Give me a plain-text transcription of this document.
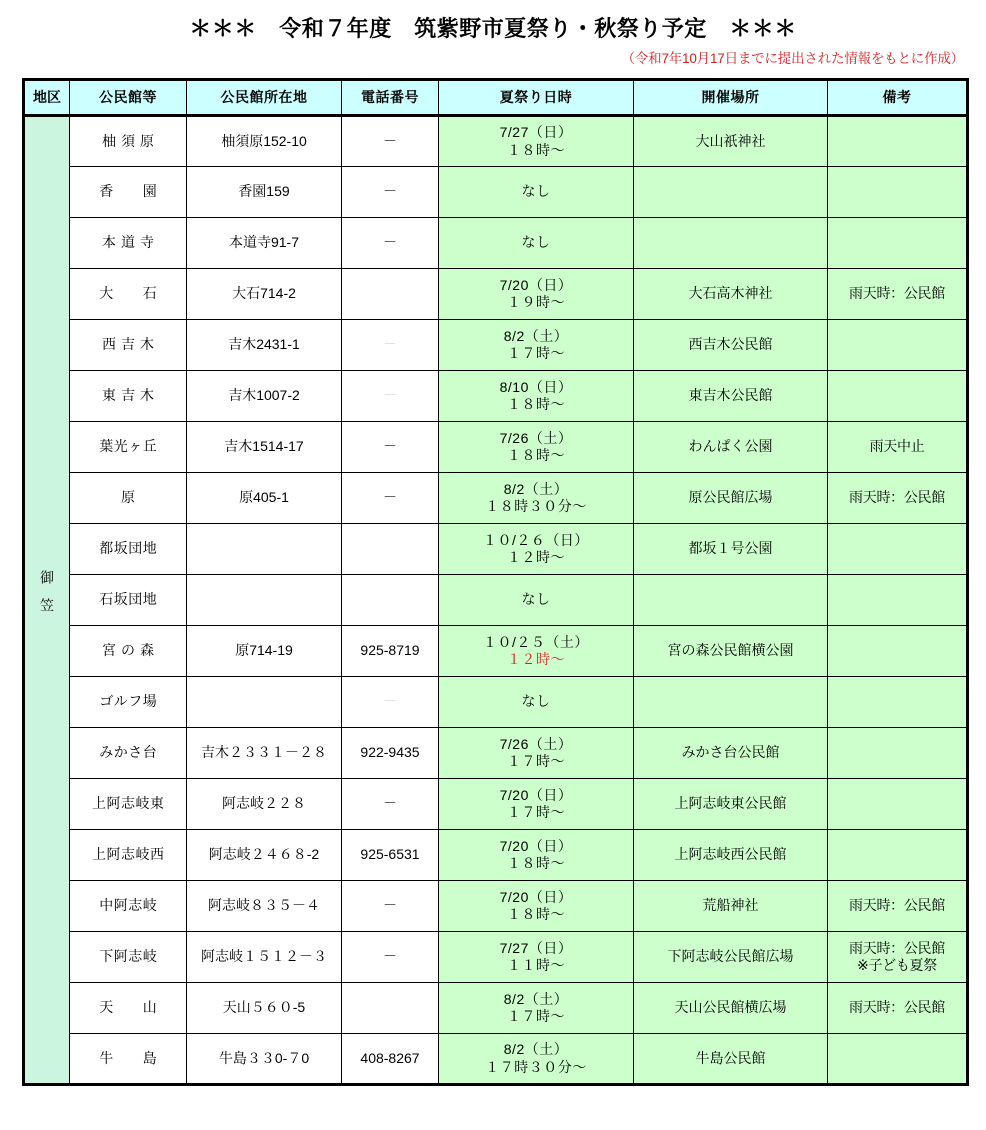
＊＊＊　令和７年度　筑紫野市夏祭り・秋祭り予定　＊＊＊
（令和7年10月17日までに提出された情報をもとに作成）
地区	公民館等	公民館所在地	電話番号	夏祭り日時	開催場所	備考
御笠	柚須原	柚須原152-10	－	7/27（日）
１８時〜	大山祇神社	

	香　　園	香園159	－	なし		

	本道寺	本道寺91-7	－	なし		

	大　　石	大石714-2		7/20（日）
１９時〜	大石高木神社	雨天時：公民館

	西吉木	吉木2431-1	－	8/2（土）
１７時〜	西吉木公民館	

	東吉木	吉木1007-2	－	8/10（日）
１８時〜	東吉木公民館	

	葉光ヶ丘	吉木1514-17	－	7/26（土）
１８時〜	わんぱく公園	雨天中止

	原	原405-1	－	8/2（土）
１８時３０分〜	原公民館広場	雨天時：公民館

	都坂団地			１０/２６（日）
１２時〜	都坂１号公園	

	石坂団地			なし		

	宮の森	原714-19	925-8719	１０/２５（土）
１２時〜	宮の森公民館横公園	

	ゴルフ場		－	なし		

	みかさ台	吉木２３３１－２８	922-9435	7/26（土）
１７時〜	みかさ台公民館	

	上阿志岐東	阿志岐２２８	－	7/20（日）
１７時〜	上阿志岐東公民館	

	上阿志岐西	阿志岐２４６８-2	925-6531	7/20（日）
１８時〜	上阿志岐西公民館	

	中阿志岐	阿志岐８３５－４	－	7/20（日）
１８時〜	荒船神社	雨天時：公民館

	下阿志岐	阿志岐１５１２－３	－	7/27（日）
１１時〜	下阿志岐公民館広場	雨天時：公民館
※子ども夏祭

	天　　山	天山５６０-5		8/2（土）
１７時〜	天山公民館横広場	雨天時：公民館

	牛　　島	牛島３３0-７0	408-8267	8/2（土）
１７時３０分〜	牛島公民館	
